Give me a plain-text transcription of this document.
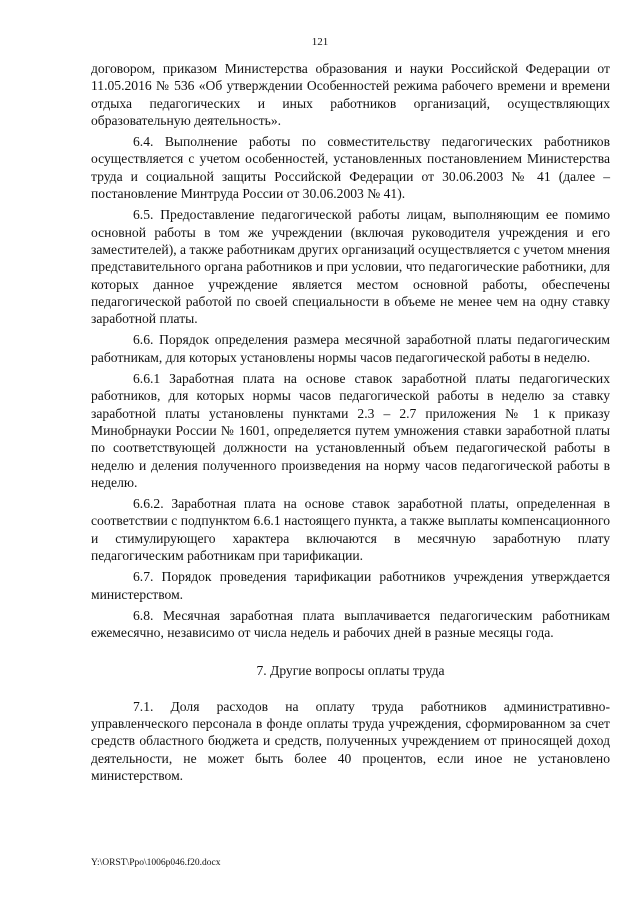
121

договором, приказом Министерства образования и науки Российской Федерации от 11.05.2016 № 536 «Об утверждении Особенностей режима рабочего времени и времени отдыха педагогических и иных работников организаций, осуществляющих образовательную деятельность».

6.4. Выполнение работы по совместительству педагогических работников осуществляется с учетом особенностей, установленных постановлением Министерства труда и социальной защиты Российской Федерации от 30.06.2003 № 41 (далее – постановление Минтруда России от 30.06.2003 № 41).

6.5. Предоставление педагогической работы лицам, выполняющим ее помимо основной работы в том же учреждении (включая руководителя учреждения и его заместителей), а также работникам других организаций осуществляется с учетом мнения представительного органа работников и при условии, что педагогические работники, для которых данное учреждение является местом основной работы, обеспечены педагогической работой по своей специальности в объеме не менее чем на одну ставку заработной платы.

6.6. Порядок определения размера месячной заработной платы педагогическим работникам, для которых установлены нормы часов педагогической работы в неделю.

6.6.1 Заработная плата на основе ставок заработной платы педагогических работников, для которых нормы часов педагогической работы в неделю за ставку заработной платы установлены пунктами 2.3 – 2.7 приложения № 1 к приказу Минобрнауки России № 1601, определяется путем умножения ставки заработной платы по соответствующей должности на установленный объем педагогической работы в неделю и деления полученного произведения на норму часов педагогической работы в неделю.

6.6.2. Заработная плата на основе ставок заработной платы, определенная в соответствии с подпунктом 6.6.1 настоящего пункта, а также выплаты компенсационного и стимулирующего характера включаются в месячную заработную плату педагогическим работникам при тарификации.

6.7. Порядок проведения тарификации работников учреждения утверждается министерством.

6.8. Месячная заработная плата выплачивается педагогическим работникам ежемесячно, независимо от числа недель и рабочих дней в разные месяцы года.

7. Другие вопросы оплаты труда

7.1. Доля расходов на оплату труда работников административно-управленческого персонала в фонде оплаты труда учреждения, сформированном за счет средств областного бюджета и средств, полученных учреждением от приносящей доход деятельности, не может быть более 40 процентов, если иное не установлено министерством.

Y:\ORST\Ppo\1006p046.f20.docx
